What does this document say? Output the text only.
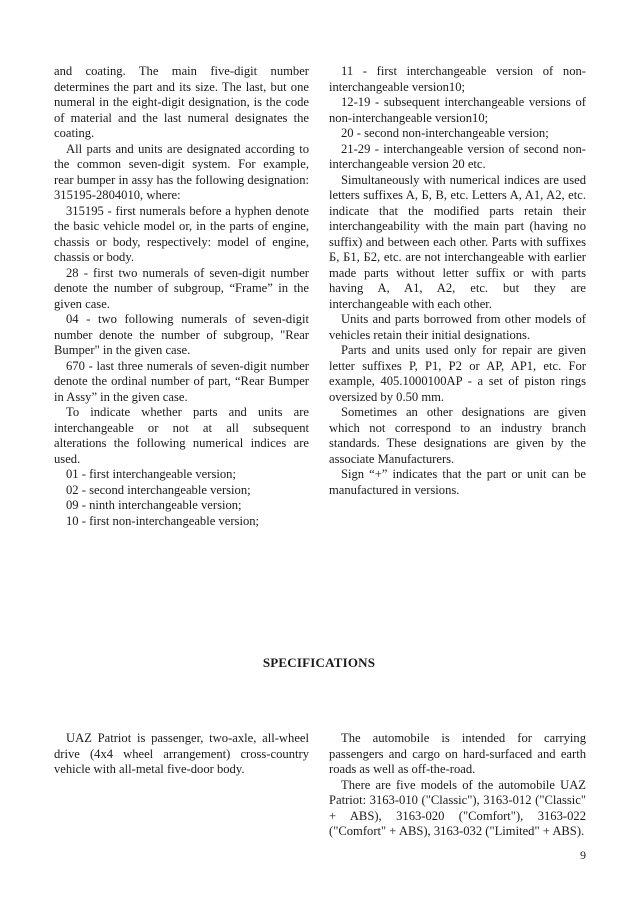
and coating. The main five-digit number determines the part and its size. The last, but one numeral in the eight-digit designation, is the code of material and the last numeral designates the coating.

All parts and units are designated according to the common seven-digit system. For example, rear bumper in assy has the following designation: 315195-2804010, where:

315195 - first numerals before a hyphen denote the basic vehicle model or, in the parts of engine, chassis or body, respectively: model of engine, chassis or body.

28 - first two numerals of seven-digit number denote the number of subgroup, “Frame” in the given case.

04 - two following numerals of seven-digit number denote the number of subgroup, "Rear Bumper" in the given case.

670 - last three numerals of seven-digit number denote the ordinal number of part, “Rear Bumper in Assy” in the given case.

To indicate whether parts and units are interchangeable or not at all subsequent alterations the following numerical indices are used.

01 - first interchangeable version;

02 - second interchangeable version;

09 - ninth interchangeable version;

10 - first non-interchangeable version;

11 - first interchangeable version of non-interchangeable version10;

12-19 - subsequent interchangeable versions of non-interchangeable version10;

20 - second non-interchangeable version;

21-29 - interchangeable version of second non-interchangeable version 20 etc.

Simultaneously with numerical indices are used letters suffixes A, Б, В, etc. Letters A, A1, A2, etc. indicate that the modified parts retain their interchangeability with the main part (having no suffix) and between each other. Parts with suffixes Б, Б1, Б2, etc. are not interchangeable with earlier made parts without letter suffix or with parts having A, A1, A2, etc. but they are interchangeable with each other.

Units and parts borrowed from other models of vehicles retain their initial designations.

Parts and units used only for repair are given letter suffixes P, P1, P2 or AP, AP1, etc. For example, 405.1000100AP - a set of piston rings oversized by 0.50 mm.

Sometimes an other designations are given which not correspond to an industry branch standards. These designations are given by the associate Manufacturers.

Sign “+” indicates that the part or unit can be manufactured in versions.

SPECIFICATIONS

UAZ Patriot is passenger, two-axle, all-wheel drive (4x4 wheel arrangement) cross-country vehicle with all-metal five-door body.

The automobile is intended for carrying passengers and cargo on hard-surfaced and earth roads as well as off-the-road.

There are five models of the automobile UAZ Patriot: 3163-010 ("Classic"), 3163-012 ("Classic" + ABS), 3163-020 ("Comfort"), 3163-022 ("Comfort" + ABS), 3163-032 ("Limited" + ABS).

9
